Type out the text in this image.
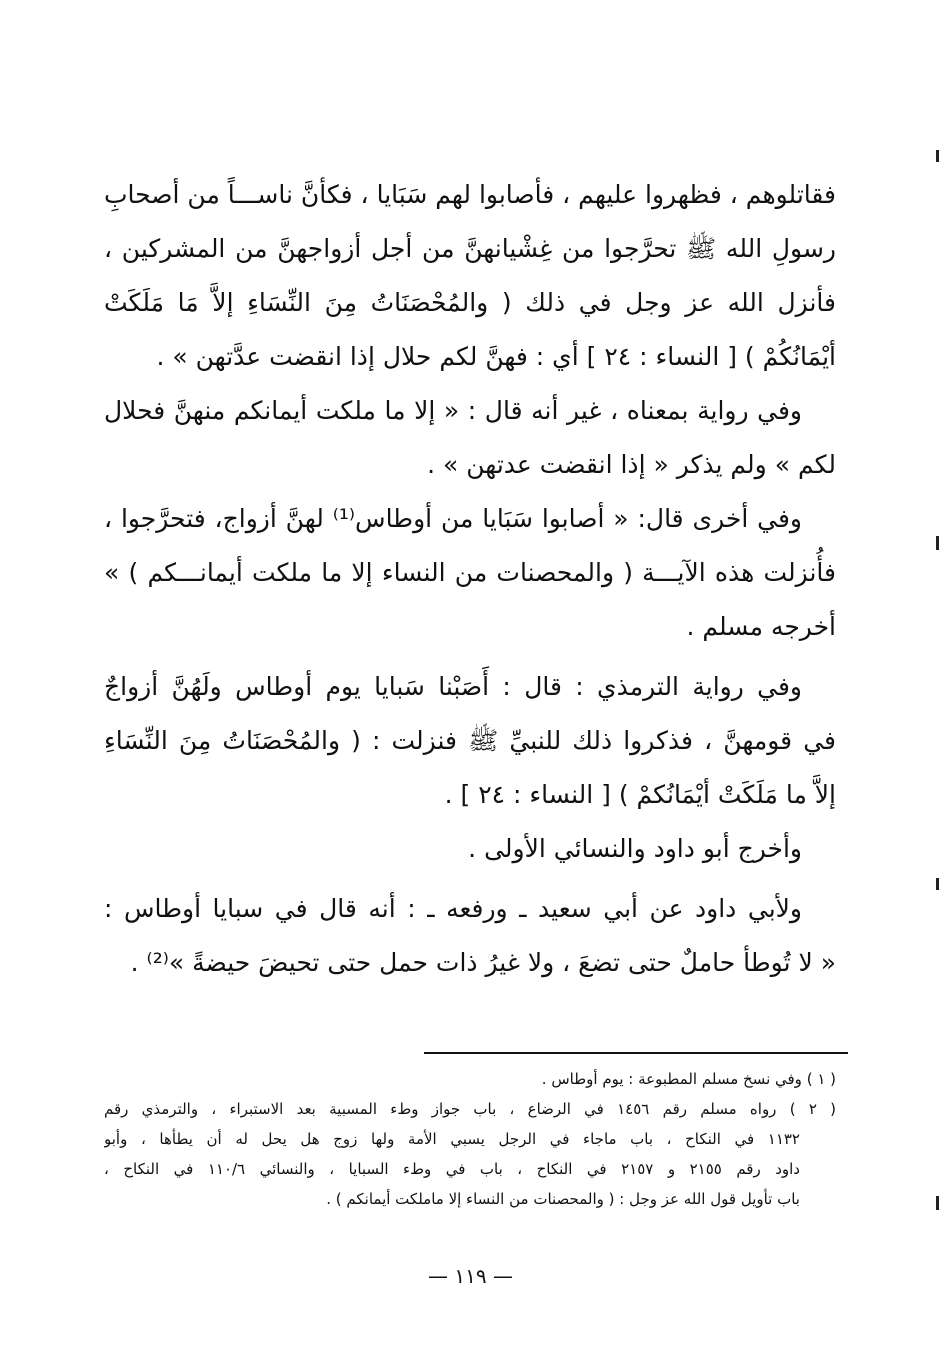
فقاتلوهم ، فظهروا عليهم ، فأصابوا لهم سَبَايا ، فكأنَّ ناســـاً من أصحابِ
رسولِ الله ﷺ تحرَّجوا من غِشْيانهنَّ من أجل أزواجهنَّ من المشركين ،
فأنزل الله عز وجل في ذلك ( والمُحْصَنَاتُ مِنَ النِّسَاءِ إلاَّ مَا مَلَكَتْ
أيْمَانُكُمْ ) [ النساء : ٢٤ ] أي : فهنَّ لكم حلال إذا انقضت عدَّتهن » .
وفي رواية بمعناه ، غير أنه قال : « إلا ما ملكت أيمانكم منهنَّ فحلال
لكم » ولم يذكر « إذا انقضت عدتهن » .
وفي أخرى قال: « أصابوا سَبَايا من أوطاس⁽¹⁾ لهنَّ أزواج، فتحرَّجوا ،
فأُنزلت هذه الآيـــة ( والمحصنات من النساء إلا ما ملكت أيمانـــكم ) »
أخرجه مسلم .
وفي رواية الترمذي : قال : أَصَبْنا سَبايا يوم أوطاس ولَهُنَّ أزواجٌ
في قومهنَّ ، فذكروا ذلك للنبيِّ ﷺ فنزلت : ( والمُحْصَنَاتُ مِنَ النِّسَاءِ
إلاَّ ما مَلَكَتْ أيْمَانُكمْ ) [ النساء : ٢٤ ] .
وأخرج أبو داود والنسائي الأولى .
ولأبي داود عن أبي سعيد ـ ورفعه ـ : أنه قال في سبايا أوطاس :
« لا تُوطأ حاملٌ حتى تضعَ ، ولا غيرُ ذات حمل حتى تحيضَ حيضةً »⁽²⁾ .
( ١ ) وفي نسخ مسلم المطبوعة : يوم أوطاس .
( ٢ ) رواه مسلم رقم ١٤٥٦ في الرضاع ، باب جواز وطء المسبية بعد الاستبراء ، والترمذي رقم
١١٣٢ في النكاح ، باب ماجاء في الرجل يسبي الأمة ولها زوج هل يحل له أن يطأها ، وأبو
داود رقم ٢١٥٥ و ٢١٥٧ في النكاح ، باب في وطء السبايا ، والنسائي ١١٠/٦ في النكاح ،
باب تأويل قول الله عز وجل : ( والمحصنات من النساء إلا ماملكت أيمانكم ) .
— ١١٩ —
